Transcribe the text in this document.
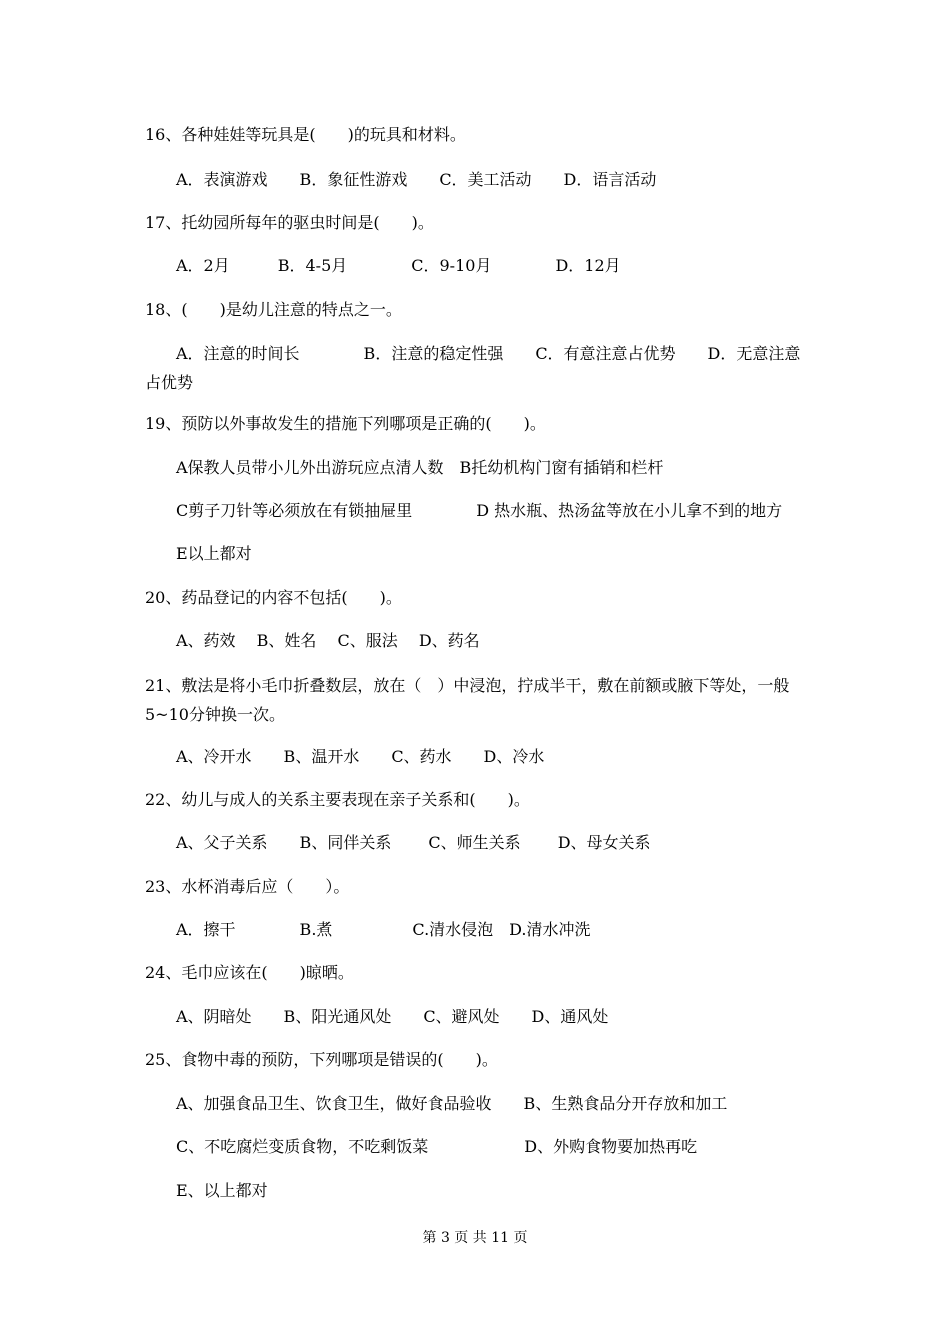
16、各种娃娃等玩具是(　　)的玩具和材料。
A．表演游戏　　B．象征性游戏　　C．美工活动　　D．语言活动
17、托幼园所每年的驱虫时间是(　　)。
A．2月　　　B．4-5月　　　　C．9-10月　　　　D．12月
18、(　　)是幼儿注意的特点之一。
A．注意的时间长　　　　B．注意的稳定性强　　C．有意注意占优势　　D．无意注意占优势
19、预防以外事故发生的措施下列哪项是正确的(　　)。
A保教人员带小儿外出游玩应点清人数　B托幼机构门窗有插销和栏杆
C剪子刀针等必须放在有锁抽屉里　　　　D 热水瓶、热汤盆等放在小儿拿不到的地方
E以上都对
20、药品登记的内容不包括(　　)。
A、药效　 B、姓名　 C、服法　 D、药名
21、敷法是将小毛巾折叠数层，放在（　）中浸泡，拧成半干，敷在前额或腋下等处，一般5~10分钟换一次。
A、冷开水　　B、温开水　　C、药水　　D、冷水
22、幼儿与成人的关系主要表现在亲子关系和(　　)。
A、父子关系　　B、同伴关系　　 C、师生关系　　 D、母女关系
23、水杯消毒后应（　　）。
A．擦干　　　　B.煮　　　　　C.清水侵泡　D.清水冲洗
24、毛巾应该在(　　)晾晒。
A、阴暗处　　B、阳光通风处　　C、避风处　　D、通风处
25、食物中毒的预防，下列哪项是错误的(　　)。
A、加强食品卫生、饮食卫生，做好食品验收　　B、生熟食品分开存放和加工
C、不吃腐烂变质食物，不吃剩饭菜　　　　　　D、外购食物要加热再吃
E、以上都对
第 3 页 共 11 页
